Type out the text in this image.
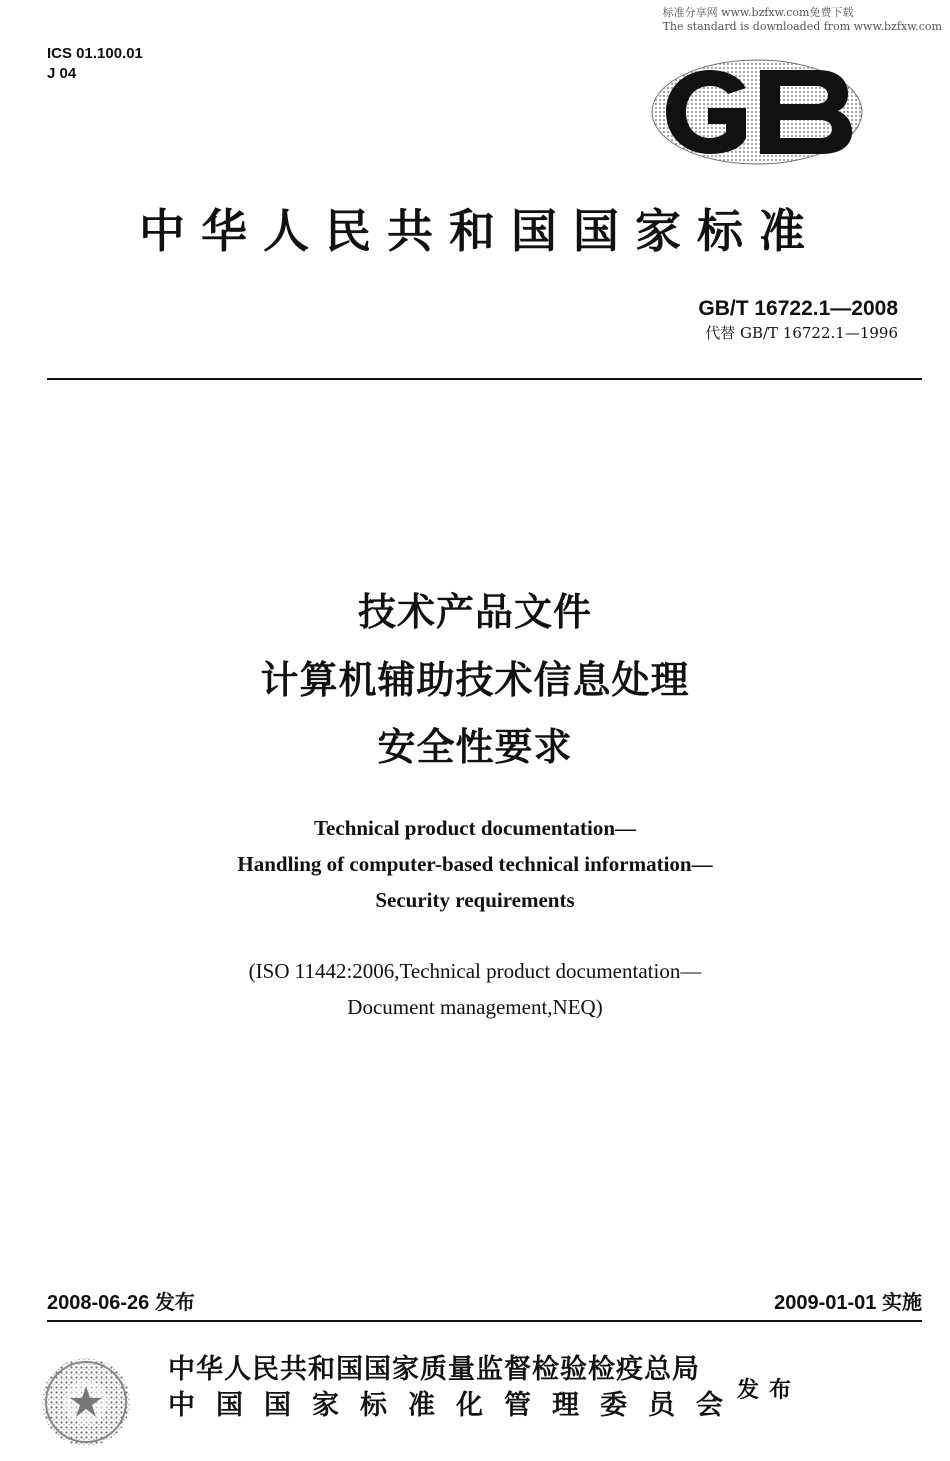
标准分享网 www.bzfxw.com免费下载
The standard is downloaded from www.bzfxw.com
ICS 01.100.01
J 04
中华人民共和国国家标准
GB/T 16722.1—2008
代替 GB/T 16722.1—1996
技术产品文件
计算机辅助技术信息处理
安全性要求
Technical product documentation—
Handling of computer-based technical information—
Security requirements
(ISO 11442:2006,Technical product documentation—
Document management,NEQ)
2008-06-26 发布	2009-01-01 实施
中华人民共和国国家质量监督检验检疫总局
中国国家标准化管理委员会
发布
